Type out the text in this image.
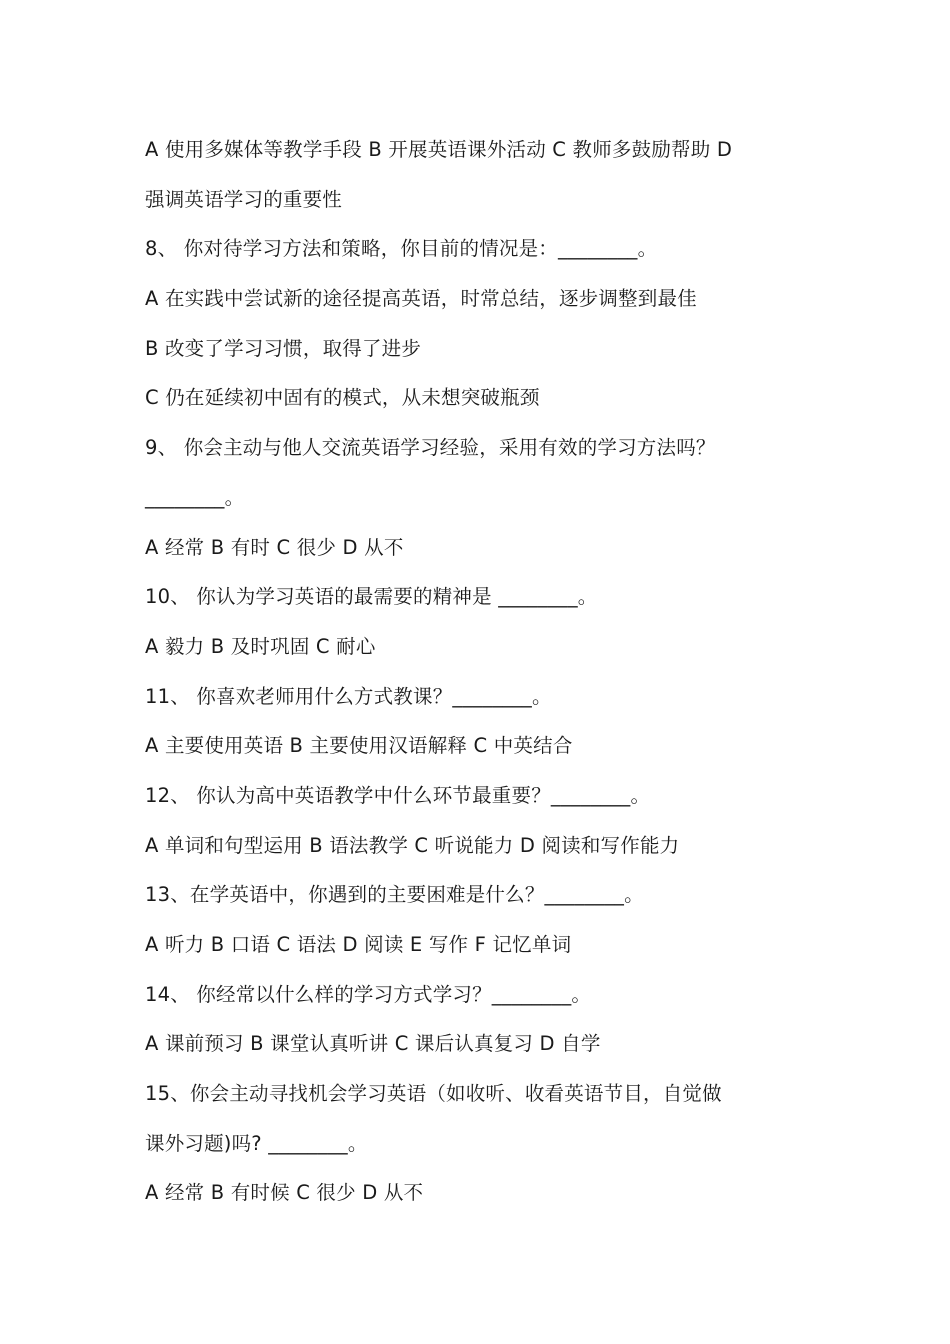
A 使用多媒体等教学手段 B 开展英语课外活动 C 教师多鼓励帮助 D
强调英语学习的重要性
8、 你对待学习方法和策略，你目前的情况是：________。
A 在实践中尝试新的途径提高英语，时常总结，逐步调整到最佳
B 改变了学习习惯，取得了进步
C 仍在延续初中固有的模式，从未想突破瓶颈
9、 你会主动与他人交流英语学习经验，采用有效的学习方法吗？
________。
A 经常 B 有时 C 很少 D 从不
10、 你认为学习英语的最需要的精神是 ________。
A 毅力 B 及时巩固 C 耐心
11、 你喜欢老师用什么方式教课？________。
A 主要使用英语 B 主要使用汉语解释 C 中英结合
12、 你认为高中英语教学中什么环节最重要？________。
A 单词和句型运用 B 语法教学 C 听说能力 D 阅读和写作能力
13、在学英语中，你遇到的主要困难是什么？________。
A 听力 B 口语 C 语法 D 阅读 E 写作 F 记忆单词
14、 你经常以什么样的学习方式学习？________。
A 课前预习 B 课堂认真听讲 C 课后认真复习 D 自学
15、你会主动寻找机会学习英语（如收听、收看英语节目，自觉做
课外习题)吗? ________。
A 经常 B 有时候 C 很少 D 从不
